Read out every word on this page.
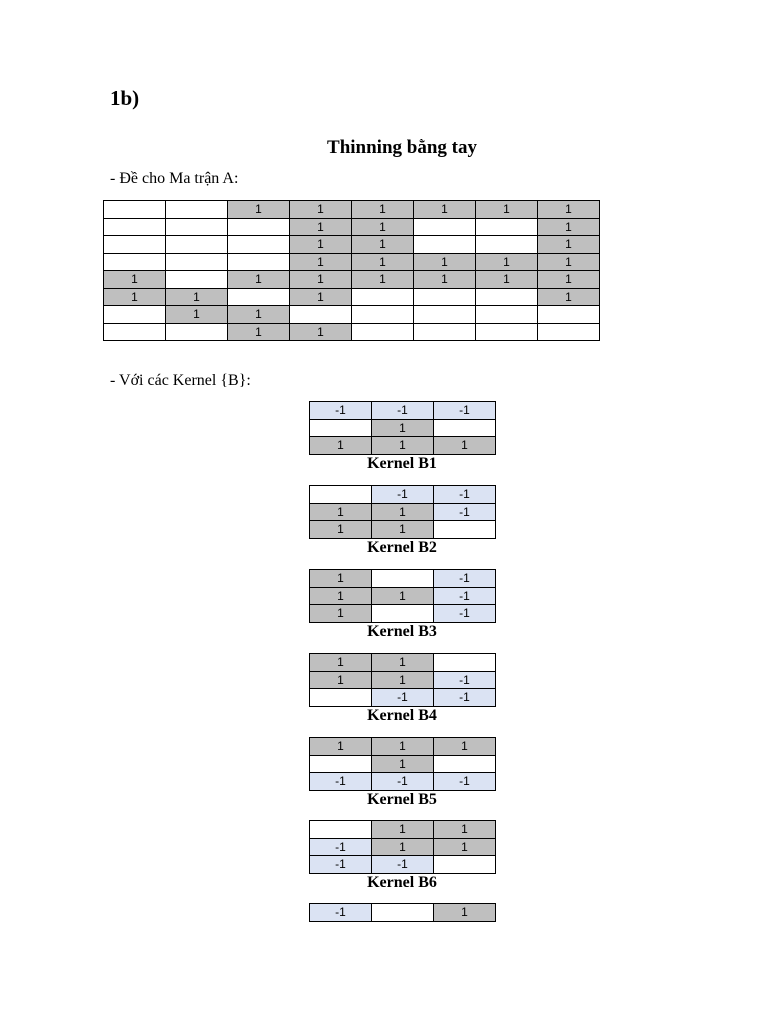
1b)
Thinning bằng tay
- Đề cho Ma trận A:
		1	1	1	1	1	1
			1	1			1
			1	1			1
			1	1	1	1	1
1		1	1	1	1	1	1
1	1		1				1
	1	1					
		1	1				
- Với các Kernel {B}:
-1	-1	-1
	1	
1	1	1
Kernel B1
	-1	-1
1	1	-1
1	1	
Kernel B2
1		-1
1	1	-1
1		-1
Kernel B3
1	1	
1	1	-1
	-1	-1
Kernel B4
1	1	1
	1	
-1	-1	-1
Kernel B5
	1	1
-1	1	1
-1	-1	
Kernel B6
-1		1
